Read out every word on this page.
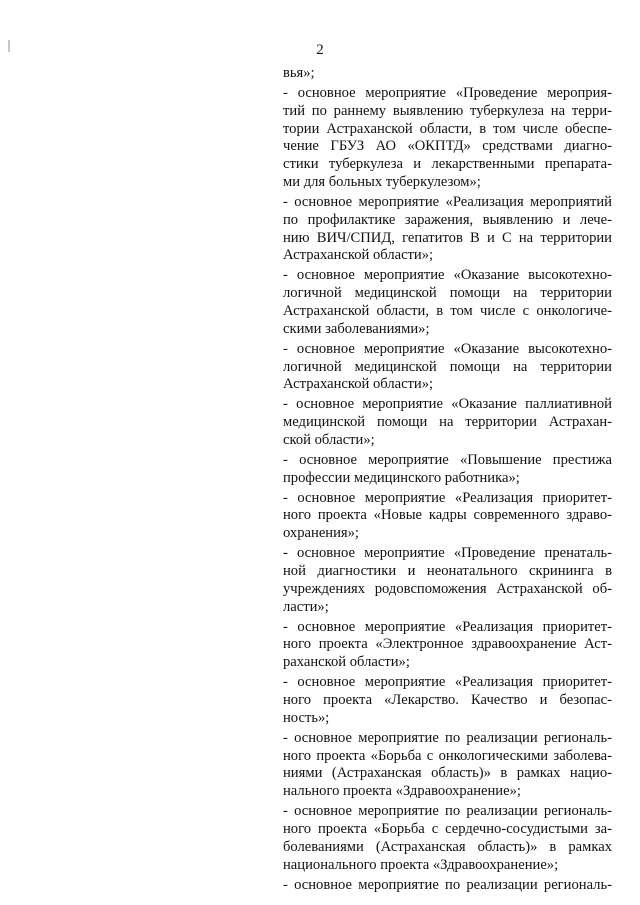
2
вья»;
- основное мероприятие «Проведение мероприя-
тий по раннему выявлению туберкулеза на терри-
тории Астраханской области, в том числе обеспе-
чение ГБУЗ АО «ОКПТД» средствами диагно-
стики туберкулеза и лекарственными препарата-
ми для больных туберкулезом»;
- основное мероприятие «Реализация мероприятий
по профилактике заражения, выявлению и лече-
нию ВИЧ/СПИД, гепатитов В и С на территории
Астраханской области»;
- основное мероприятие «Оказание высокотехно-
логичной медицинской помощи на территории
Астраханской области, в том числе с онкологиче-
скими заболеваниями»;
- основное мероприятие «Оказание высокотехно-
логичной медицинской помощи на территории
Астраханской области»;
- основное мероприятие «Оказание паллиативной
медицинской помощи на территории Астрахан-
ской области»;
- основное мероприятие «Повышение престижа
профессии медицинского работника»;
- основное мероприятие «Реализация приоритет-
ного проекта «Новые кадры современного здраво-
охранения»;
- основное мероприятие «Проведение пренаталь-
ной диагностики и неонатального скрининга в
учреждениях родовспоможения Астраханской об-
ласти»;
- основное мероприятие «Реализация приоритет-
ного проекта «Электронное здравоохранение Аст-
раханской области»;
- основное мероприятие «Реализация приоритет-
ного проекта «Лекарство. Качество и безопас-
ность»;
- основное мероприятие по реализации региональ-
ного проекта «Борьба с онкологическими заболева-
ниями (Астраханская область)» в рамках нацио-
нального проекта «Здравоохранение»;
- основное мероприятие по реализации региональ-
ного проекта «Борьба с сердечно-сосудистыми за-
болеваниями (Астраханская область)» в рамках
национального проекта «Здравоохранение»;
- основное мероприятие по реализации региональ-
